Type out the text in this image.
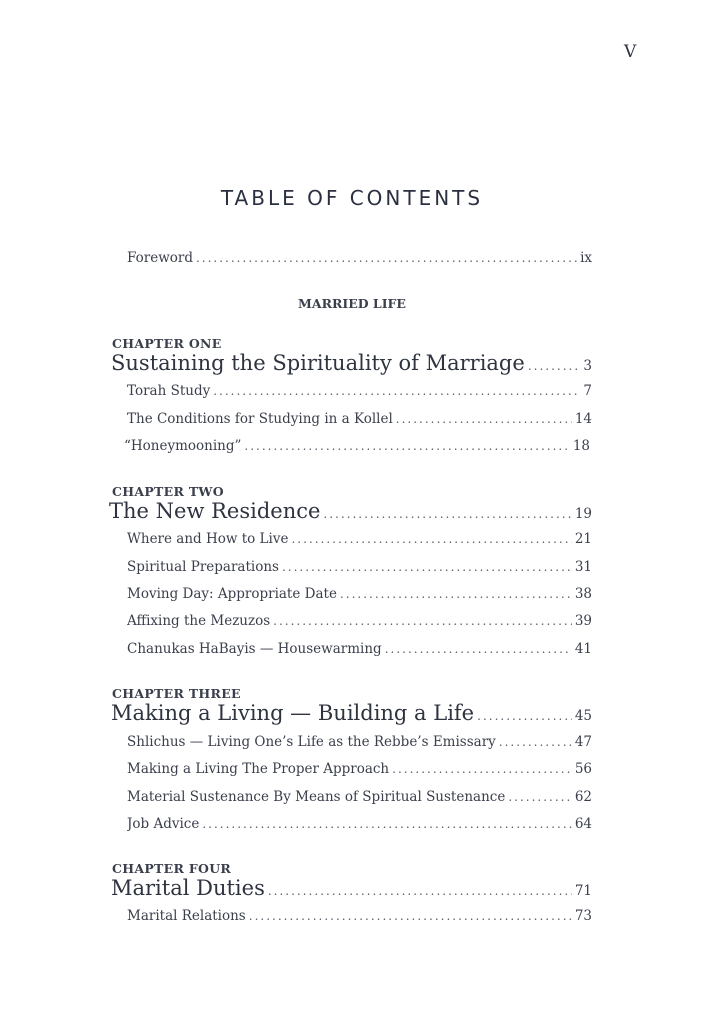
V
TABLE OF CONTENTS
Foreword .....	ix
MARRIED LIFE
CHAPTER ONE
Sustaining the Spirituality of Marriage .....	3
Torah Study .....	7
The Conditions for Studying in a Kollel .....	14
“Honeymooning” .....	18
CHAPTER TWO
The New Residence .....	19
Where and How to Live .....	21
Spiritual Preparations .....	31
Moving Day: Appropriate Date .....	38
Affixing the Mezuzos .....	39
Chanukas HaBayis — Housewarming .....	41
CHAPTER THREE
Making a Living — Building a Life .....	45
Shlichus — Living One’s Life as the Rebbe’s Emissary .....	47
Making a Living The Proper Approach .....	56
Material Sustenance By Means of Spiritual Sustenance .....	62
Job Advice .....	64
CHAPTER FOUR
Marital Duties .....	71
Marital Relations .....	73
